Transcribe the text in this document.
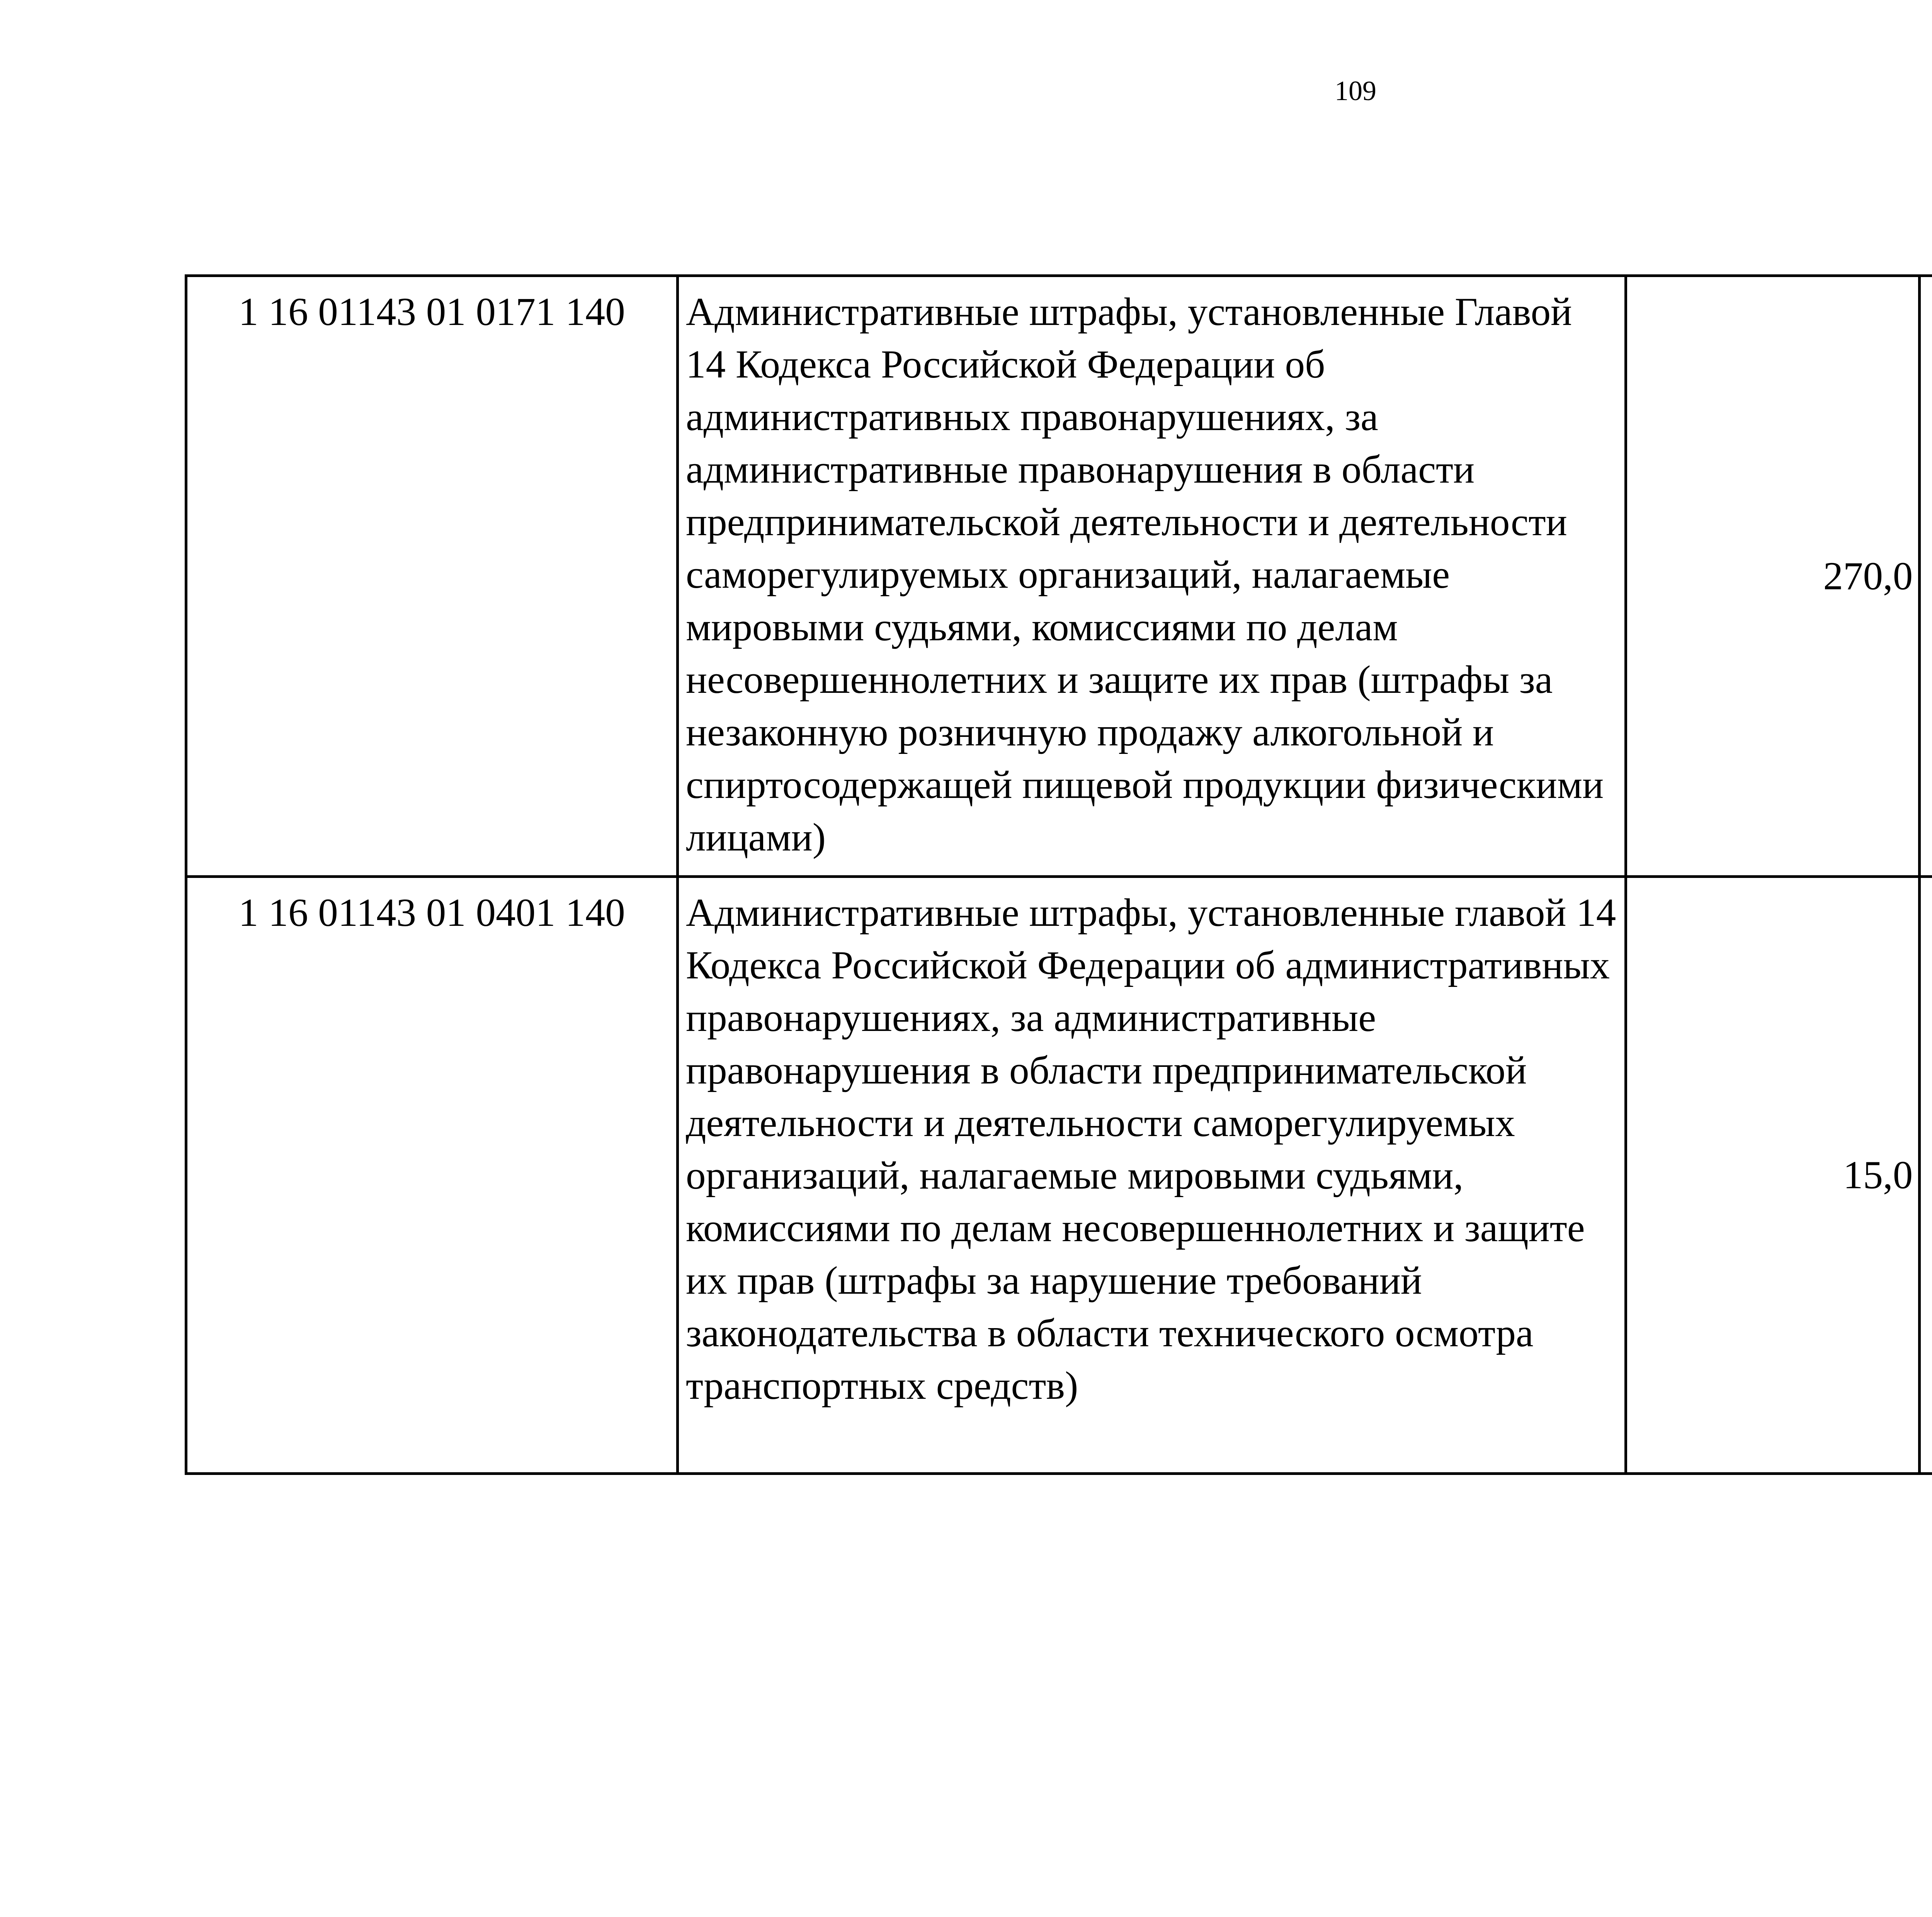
109
1 16 01143 01 0171 140	Административные штрафы, установленные Главой 14 Кодекса Российской Федерации об административных правонарушениях, за административные правонарушения в области предпринимательской деятельности и деятельности саморегулируемых организаций, налагаемые мировыми судьями, комиссиями по делам несовершеннолетних и защите их прав (штрафы за незаконную розничную продажу алкогольной и спиртосодержащей пищевой продукции физическими лицами)	270,0		
1 16 01143 01 0401 140	Административные штрафы, установленные главой 14 Кодекса Российской Федерации об административных правонарушениях, за административные правонарушения в области предпринимательской деятельности и деятельности саморегулируемых организаций, налагаемые мировыми судьями, комиссиями по делам несовершеннолетних и защите их прав (штрафы за нарушение требований законодательства в области технического осмотра транспортных средств)	15,0		
